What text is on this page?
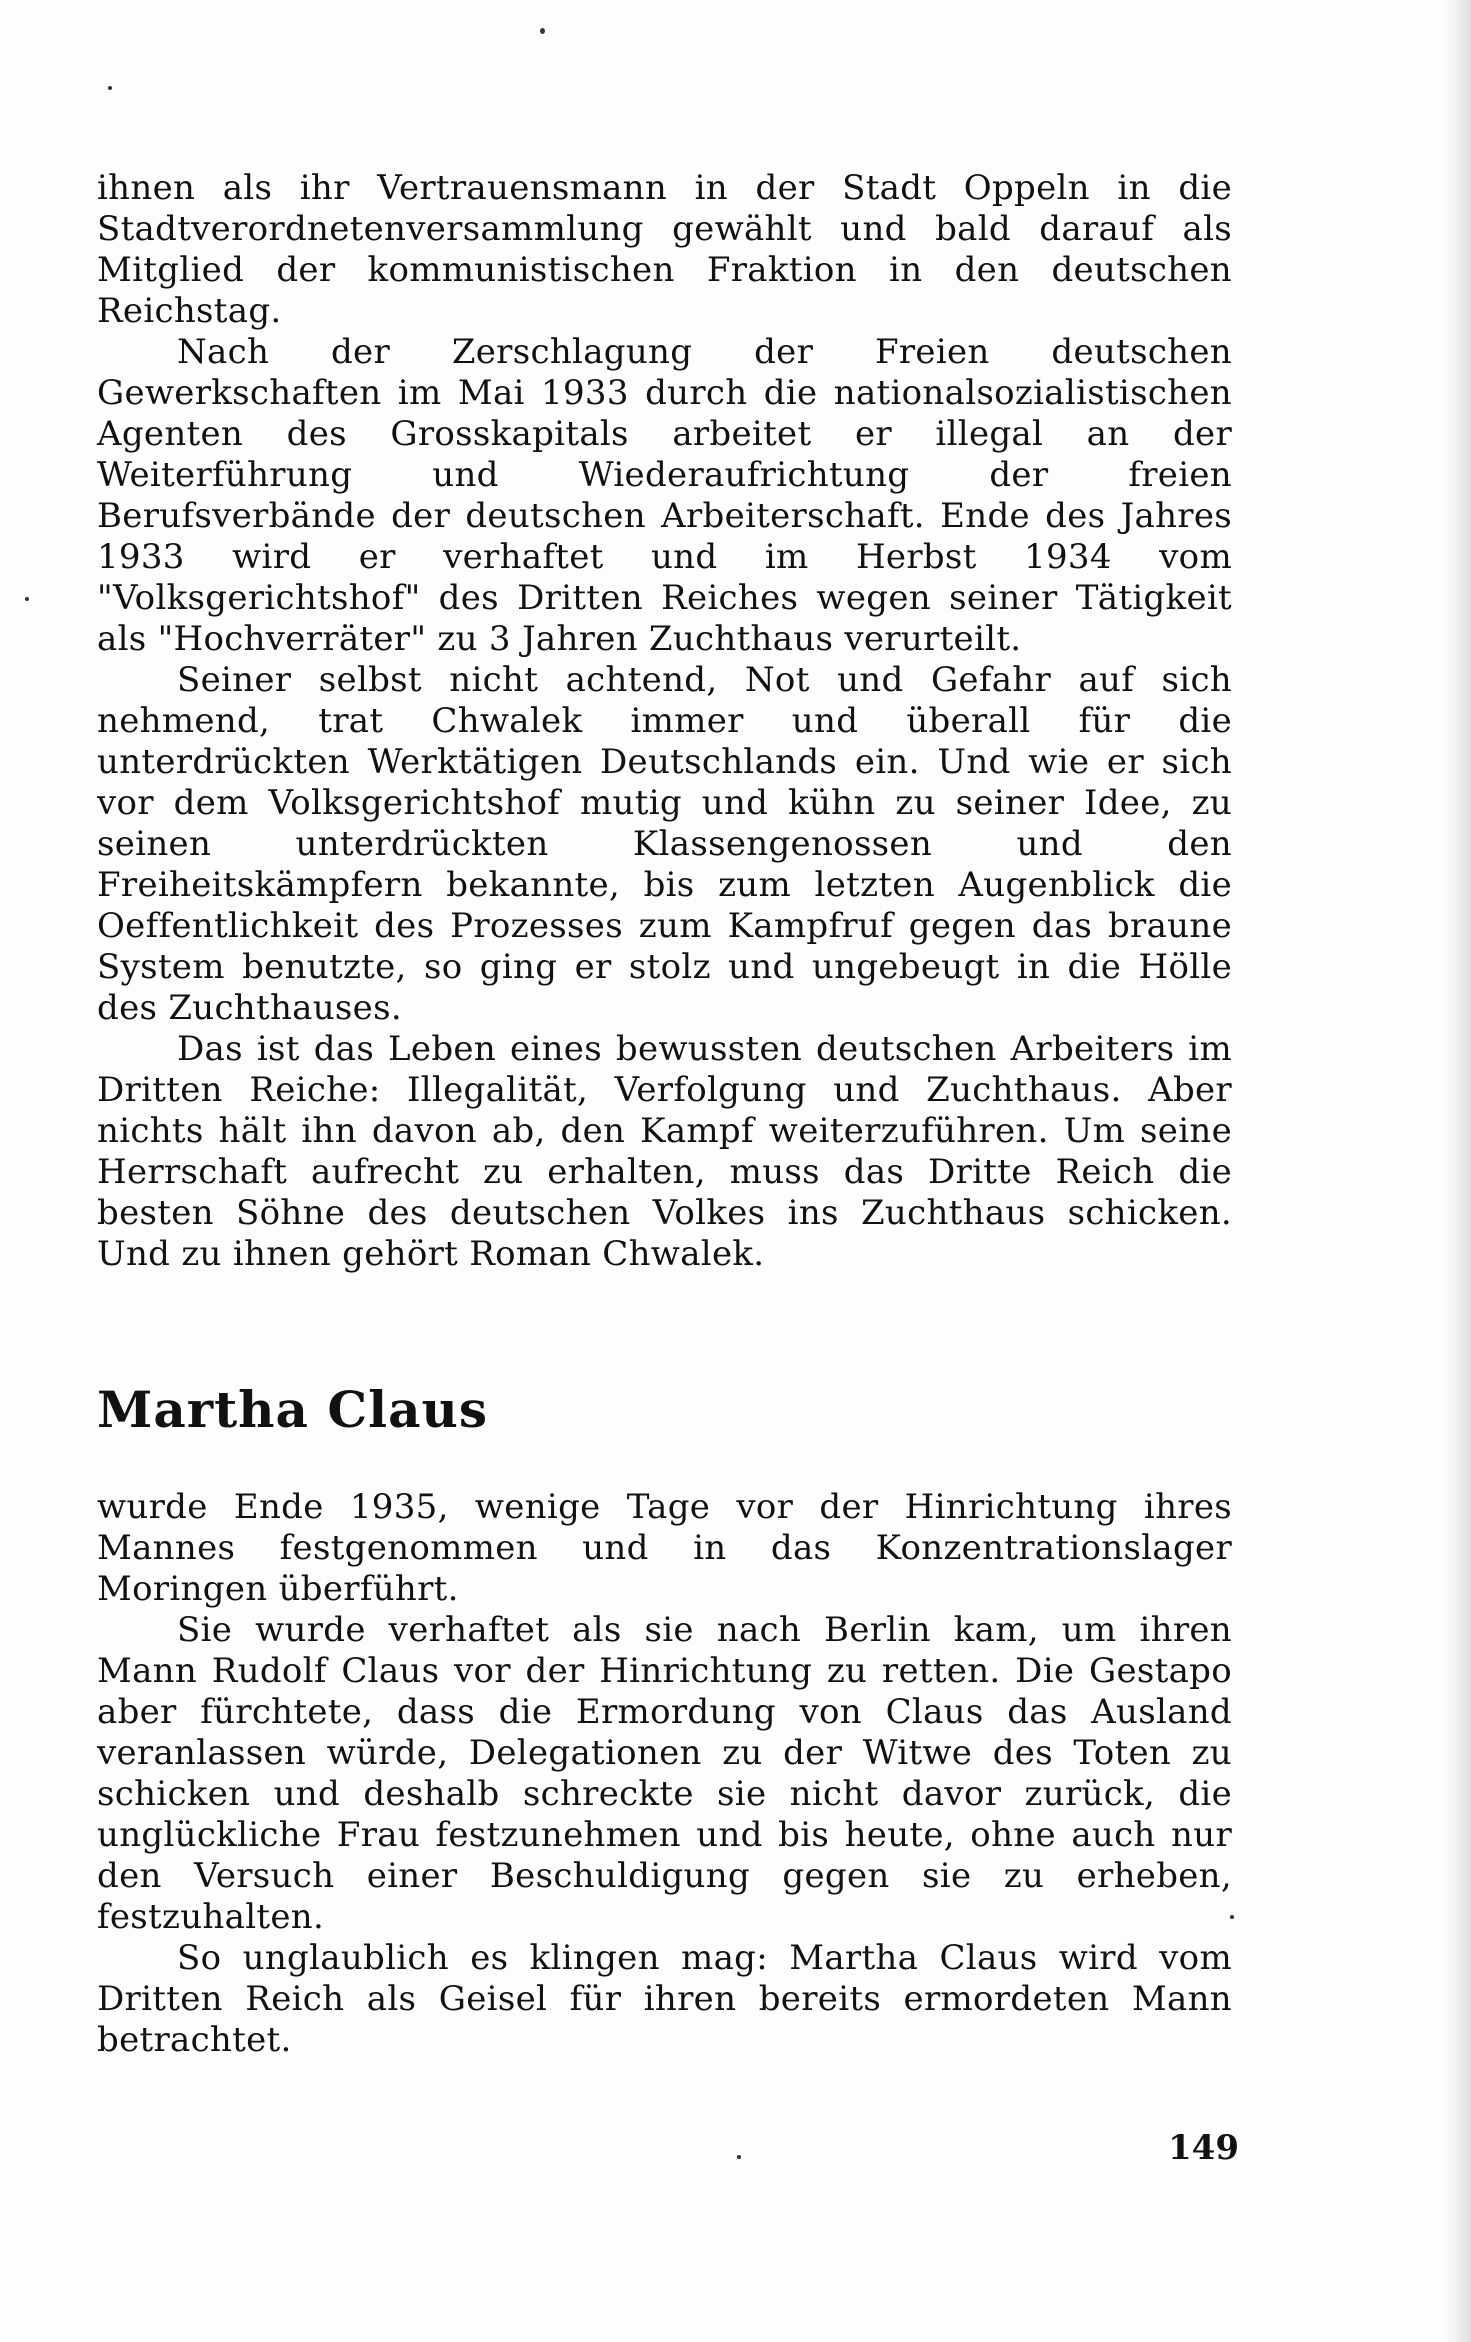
ihnen als ihr Vertrauensmann in der Stadt Oppeln in die Stadtverordnetenversammlung gewählt und bald darauf als Mitglied der kommunistischen Fraktion in den deutschen Reichstag.

Nach der Zerschlagung der Freien deutschen Gewerkschaften im Mai 1933 durch die nationalsozialistischen Agenten des Grosskapitals arbeitet er illegal an der Weiterführung und Wiederaufrichtung der freien Berufsverbände der deutschen Arbeiterschaft. Ende des Jahres 1933 wird er verhaftet und im Herbst 1934 vom "Volksgerichtshof" des Dritten Reiches wegen seiner Tätigkeit als "Hochverräter" zu 3 Jahren Zuchthaus verurteilt.

Seiner selbst nicht achtend, Not und Gefahr auf sich nehmend, trat Chwalek immer und überall für die unterdrückten Werktätigen Deutschlands ein. Und wie er sich vor dem Volksgerichtshof mutig und kühn zu seiner Idee, zu seinen unterdrückten Klassengenossen und den Freiheitskämpfern bekannte, bis zum letzten Augenblick die Oeffentlichkeit des Prozesses zum Kampfruf gegen das braune System benutzte, so ging er stolz und ungebeugt in die Hölle des Zuchthauses.

Das ist das Leben eines bewussten deutschen Arbeiters im Dritten Reiche: Illegalität, Verfolgung und Zuchthaus. Aber nichts hält ihn davon ab, den Kampf weiterzuführen. Um seine Herrschaft aufrecht zu erhalten, muss das Dritte Reich die besten Söhne des deutschen Volkes ins Zuchthaus schicken. Und zu ihnen gehört Roman Chwalek.

Martha Claus

wurde Ende 1935, wenige Tage vor der Hinrichtung ihres Mannes festgenommen und in das Konzentrationslager Moringen überführt.

Sie wurde verhaftet als sie nach Berlin kam, um ihren Mann Rudolf Claus vor der Hinrichtung zu retten. Die Gestapo aber fürchtete, dass die Ermordung von Claus das Ausland veranlassen würde, Delegationen zu der Witwe des Toten zu schicken und deshalb schreckte sie nicht davor zurück, die unglückliche Frau festzunehmen und bis heute, ohne auch nur den Versuch einer Beschuldigung gegen sie zu erheben, festzuhalten.

So unglaublich es klingen mag: Martha Claus wird vom Dritten Reich als Geisel für ihren bereits ermordeten Mann betrachtet.

149
